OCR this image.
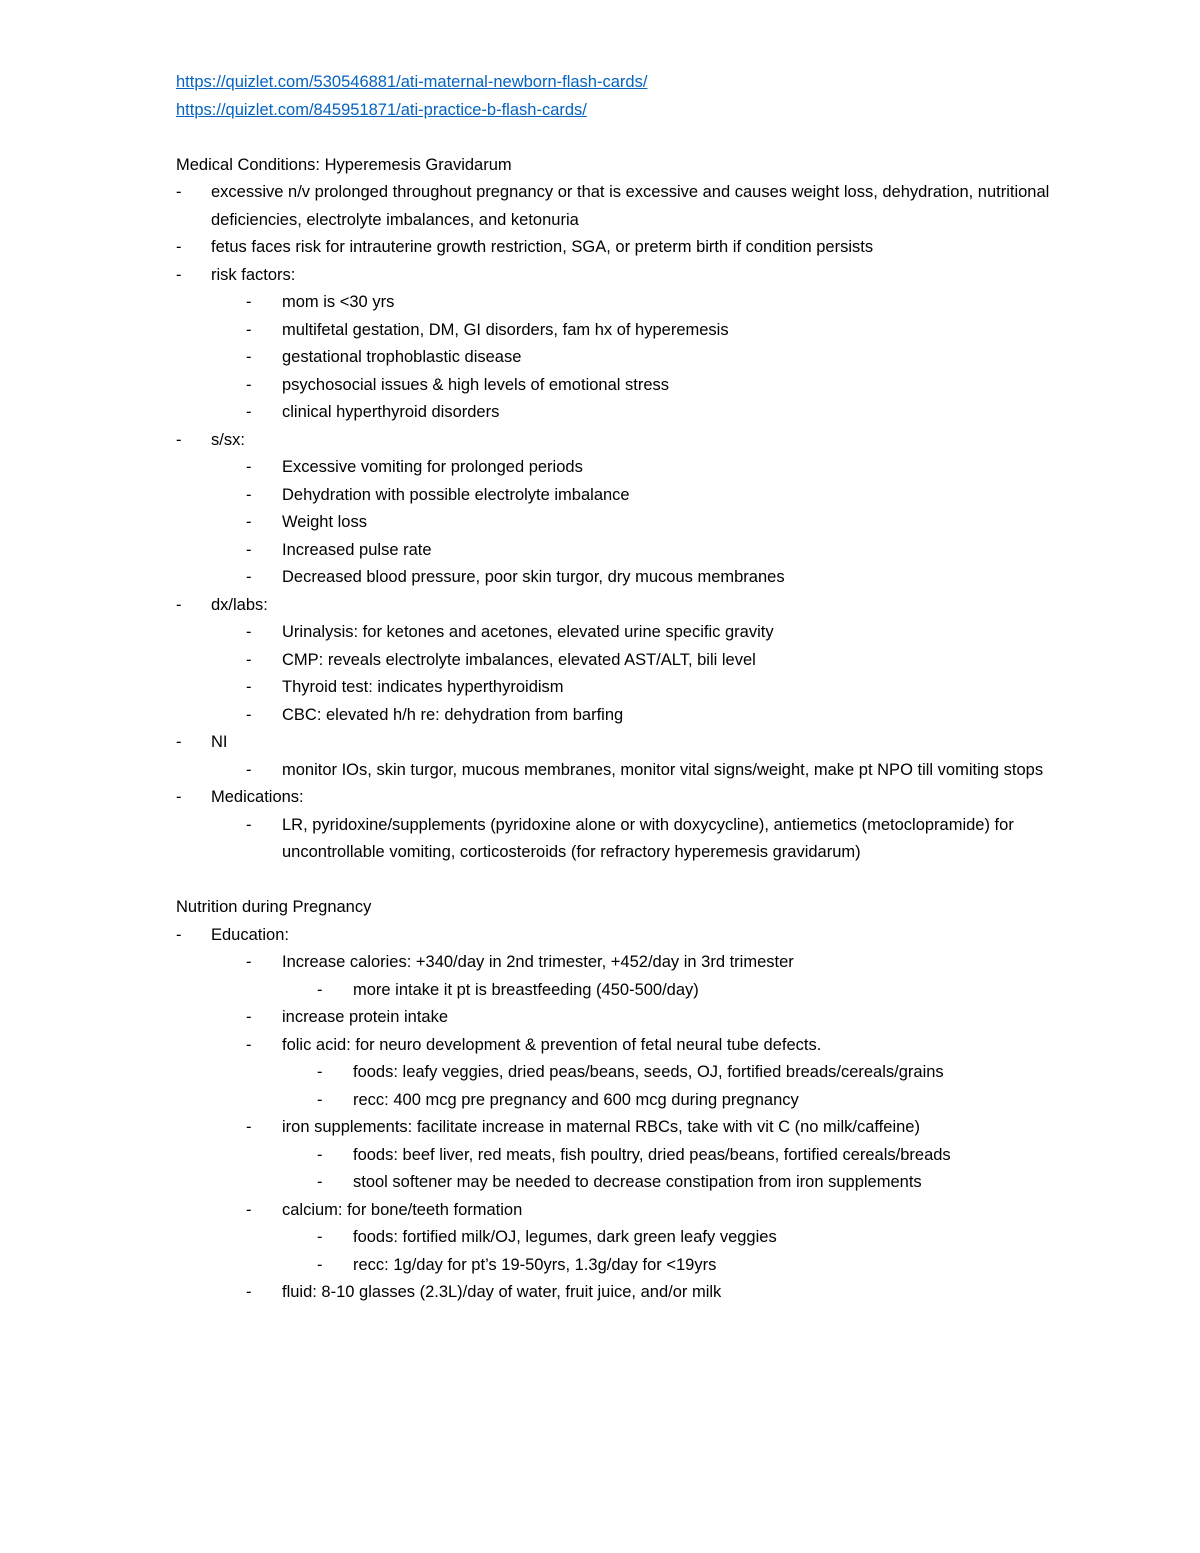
https://quizlet.com/530546881/ati-maternal-newborn-flash-cards/

https://quizlet.com/845951871/ati-practice-b-flash-cards/

Medical Conditions: Hyperemesis Gravidarum

- excessive n/v prolonged throughout pregnancy or that is excessive and causes weight loss, dehydration, nutritional deficiencies, electrolyte imbalances, and ketonuria
- fetus faces risk for intrauterine growth restriction, SGA, or preterm birth if condition persists
- risk factors:
- mom is <30 yrs
- multifetal gestation, DM, GI disorders, fam hx of hyperemesis
- gestational trophoblastic disease
- psychosocial issues & high levels of emotional stress
- clinical hyperthyroid disorders
- s/sx:
- Excessive vomiting for prolonged periods
- Dehydration with possible electrolyte imbalance
- Weight loss
- Increased pulse rate
- Decreased blood pressure, poor skin turgor, dry mucous membranes
- dx/labs:
- Urinalysis: for ketones and acetones, elevated urine specific gravity
- CMP: reveals electrolyte imbalances, elevated AST/ALT, bili level
- Thyroid test: indicates hyperthyroidism
- CBC: elevated h/h re: dehydration from barfing
- NI
- monitor IOs, skin turgor, mucous membranes, monitor vital signs/weight, make pt NPO till vomiting stops
- Medications:
- LR, pyridoxine/supplements (pyridoxine alone or with doxycycline), antiemetics (metoclopramide) for uncontrollable vomiting, corticosteroids (for refractory hyperemesis gravidarum)

Nutrition during Pregnancy

- Education:
- Increase calories: +340/day in 2nd trimester, +452/day in 3rd trimester
- more intake it pt is breastfeeding (450-500/day)
- increase protein intake
- folic acid: for neuro development & prevention of fetal neural tube defects.
- foods: leafy veggies, dried peas/beans, seeds, OJ, fortified breads/cereals/grains
- recc: 400 mcg pre pregnancy and 600 mcg during pregnancy
- iron supplements: facilitate increase in maternal RBCs, take with vit C (no milk/caffeine)
- foods: beef liver, red meats, fish poultry, dried peas/beans, fortified cereals/breads
- stool softener may be needed to decrease constipation from iron supplements
- calcium: for bone/teeth formation
- foods: fortified milk/OJ, legumes, dark green leafy veggies
- recc: 1g/day for pt’s 19-50yrs, 1.3g/day for <19yrs
- fluid: 8-10 glasses (2.3L)/day of water, fruit juice, and/or milk
